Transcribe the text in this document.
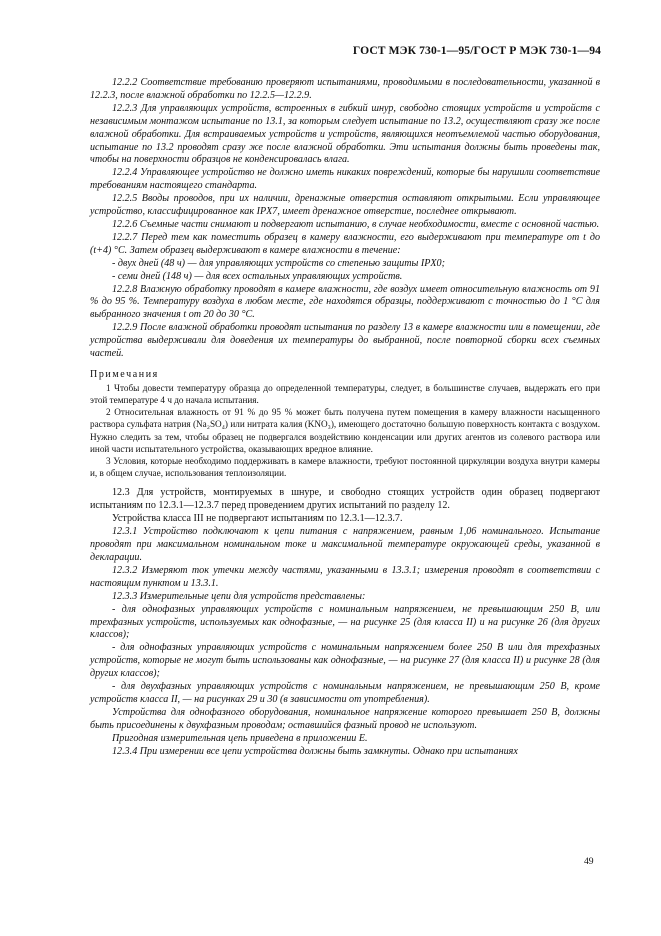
ГОСТ МЭК 730-1—95/ГОСТ Р МЭК 730-1—94

12.2.2 Соответствие требованию проверяют испытаниями, проводимыми в последовательности, указанной в 12.2.3, после влажной обработки по 12.2.5—12.2.9.

12.2.3 Для управляющих устройств, встроенных в гибкий шнур, свободно стоящих устройств и устройств с независимым монтажом испытание по 13.1, за которым следует испытание по 13.2, осуществляют сразу же после влажной обработки. Для встраиваемых устройств и устройств, являющихся неотъемлемой частью оборудования, испытание по 13.2 проводят сразу же после влажной обработки. Эти испытания должны быть проведены так, чтобы на поверхности образцов не конденсировалась влага.

12.2.4 Управляющее устройство не должно иметь никаких повреждений, которые бы нарушили соответствие требованиям настоящего стандарта.

12.2.5 Вводы проводов, при их наличии, дренажные отверстия оставляют открытыми. Если управляющее устройство, классифицированное как IPX7, имеет дренажное отверстие, последнее открывают.

12.2.6 Съемные части снимают и подвергают испытанию, в случае необходимости, вместе с основной частью.

12.2.7 Перед тем как поместить образец в камеру влажности, его выдерживают при температуре от t до (t+4) °С. Затем образец выдерживают в камере влажности в течение:

- двух дней (48 ч) — для управляющих устройств со степенью защиты IPX0;

- семи дней (148 ч) — для всех остальных управляющих устройств.

12.2.8 Влажную обработку проводят в камере влажности, где воздух имеет относительную влажность от 91 % до 95 %. Температуру воздуха в любом месте, где находятся образцы, поддерживают с точностью до 1 °С для выбранного значения t от 20 до 30 °С.

12.2.9 После влажной обработки проводят испытания по разделу 13 в камере влажности или в помещении, где устройства выдерживали для доведения их температуры до выбранной, после повторной сборки всех съемных частей.

Примечания

1 Чтобы довести температуру образца до определенной температуры, следует, в большинстве случаев, выдержать его при этой температуре 4 ч до начала испытания.

2 Относительная влажность от 91 % до 95 % может быть получена путем помещения в камеру влажности насыщенного раствора сульфата натрия (Na₂SO₄) или нитрата калия (KNO₃), имеющего достаточно большую поверхность контакта с воздухом. Нужно следить за тем, чтобы образец не подвергался воздействию конденсации или других агентов из солевого раствора или иной части испытательного устройства, оказывающих вредное влияние.

3 Условия, которые необходимо поддерживать в камере влажности, требуют постоянной циркуляции воздуха внутри камеры и, в общем случае, использования теплоизоляции.

12.3 Для устройств, монтируемых в шнуре, и свободно стоящих устройств один образец подвергают испытаниям по 12.3.1—12.3.7 перед проведением других испытаний по разделу 12.

Устройства класса III не подвергают испытаниям по 12.3.1—12.3.7.

12.3.1 Устройство подключают к цепи питания с напряжением, равным 1,06 номинального. Испытание проводят при максимальном номинальном токе и максимальной температуре окружающей среды, указанной в декларации.

12.3.2 Измеряют ток утечки между частями, указанными в 13.3.1; измерения проводят в соответствии с настоящим пунктом и 13.3.1.

12.3.3 Измерительные цепи для устройств представлены:

- для однофазных управляющих устройств с номинальным напряжением, не превышающим 250 В, или трехфазных устройств, используемых как однофазные, — на рисунке 25 (для класса II) и на рисунке 26 (для других классов);

- для однофазных управляющих устройств с номинальным напряжением более 250 В или для трехфазных устройств, которые не могут быть использованы как однофазные, — на рисунке 27 (для класса II) и рисунке 28 (для других классов);

- для двухфазных управляющих устройств с номинальным напряжением, не превышающим 250 В, кроме устройств класса II, — на рисунках 29 и 30 (в зависимости от употребления).

Устройства для однофазного оборудования, номинальное напряжение которого превышает 250 В, должны быть присоединены к двухфазным проводам; оставшийся фазный провод не используют.

Пригодная измерительная цепь приведена в приложении Е.

12.3.4 При измерении все цепи устройства должны быть замкнуты. Однако при испытаниях

49
